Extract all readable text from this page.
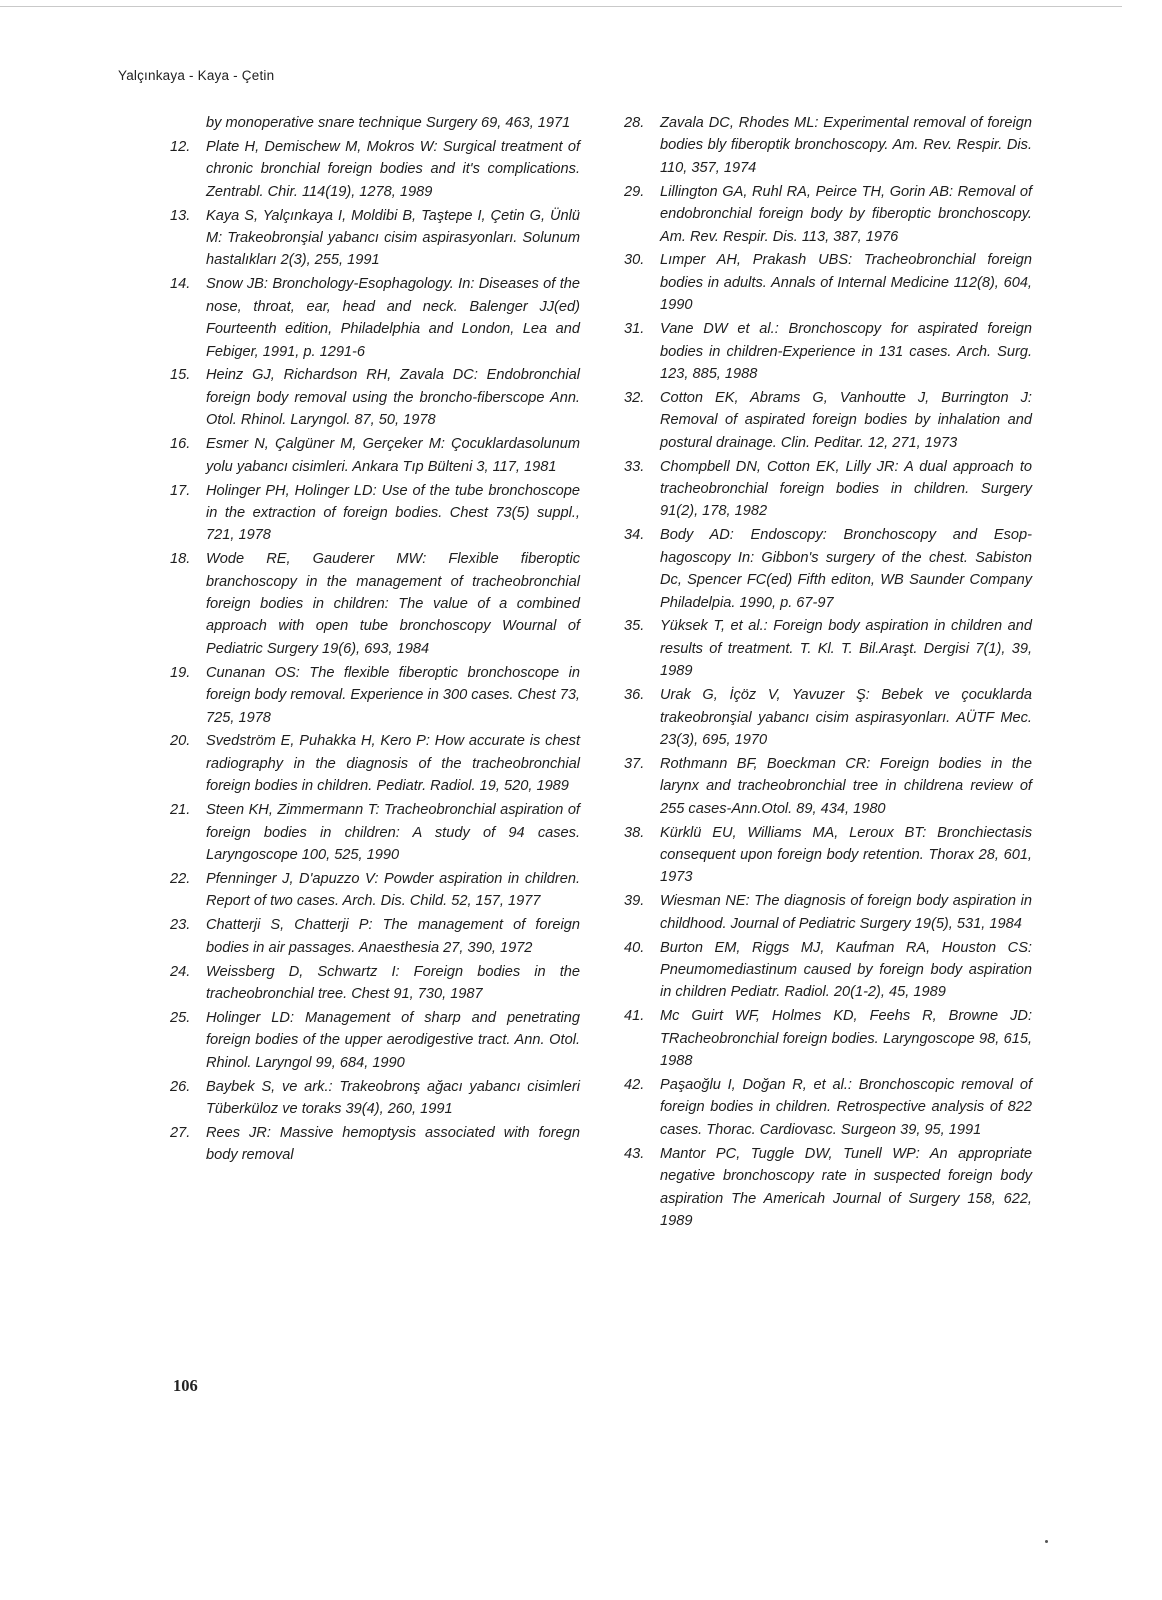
Yalçınkaya - Kaya - Çetin
by monoperative snare technique Surgery 69, 463, 1971
12.	Plate H, Demischew M, Mokros W: Surgical treatment of chronic bronchial foreign bodies and it's complications. Zentrabl. Chir. 114(19), 1278, 1989
13.	Kaya S, Yalçınkaya I, Moldibi B, Taştepe I, Çetin G, Ünlü M: Trakeobronşial yabancı cisim aspirasyonları. Solunum hastalıkları 2(3), 255, 1991
14.	Snow JB: Bronchology-Esophagology. In: Diseases of the nose, throat, ear, head and neck. Balenger JJ(ed) Fourteenth edition, Philadelphia and London, Lea and Febiger, 1991, p. 1291-6
15.	Heinz GJ, Richardson RH, Zavala DC: Endobronchial foreign body removal using the broncho-fiberscope Ann. Otol. Rhinol. Laryngol. 87, 50, 1978
16.	Esmer N, Çalgüner M, Gerçeker M: Çocuklardasolunum yolu yabancı cisimleri. Ankara Tıp Bülteni 3, 117, 1981
17.	Holinger PH, Holinger LD: Use of the tube bronchoscope in the extraction of foreign bodies. Chest 73(5) suppl., 721, 1978
18.	Wode RE, Gauderer MW: Flexible fiberoptic branchoscopy in the management of tracheobronchial foreign bodies in children: The value of a combined approach with open tube bronchoscopy Wournal of Pediatric Surgery 19(6), 693, 1984
19.	Cunanan OS: The flexible fiberoptic bronchoscope in foreign body removal. Experience in 300 cases. Chest 73, 725, 1978
20.	Svedström E, Puhakka H, Kero P: How accurate is chest radiography in the diagnosis of the tracheobronchial foreign bodies in children. Pediatr. Radiol. 19, 520, 1989
21.	Steen KH, Zimmermann T: Tracheobronchial aspiration of foreign bodies in children: A study of 94 cases. Laryngoscope 100, 525, 1990
22.	Pfenninger J, D'apuzzo V: Powder aspiration in children. Report of two cases. Arch. Dis. Child. 52, 157, 1977
23.	Chatterji S, Chatterji P: The management of foreign bodies in air passages. Anaesthesia 27, 390, 1972
24.	Weissberg D, Schwartz I: Foreign bodies in the tracheobronchial tree. Chest 91, 730, 1987
25.	Holinger LD: Management of sharp and penetrating foreign bodies of the upper aerodigestive tract. Ann. Otol. Rhinol. Laryngol 99, 684, 1990
26.	Baybek S, ve ark.: Trakeobronş ağacı yabancı cisimleri Tüberküloz ve toraks 39(4), 260, 1991
27.	Rees JR: Massive hemoptysis associated with foregn body removal
28.	Zavala DC, Rhodes ML: Experimental removal of foreign bodies bly fiberoptik bronchoscopy. Am. Rev. Respir. Dis. 110, 357, 1974
29.	Lillington GA, Ruhl RA, Peirce TH, Gorin AB: Removal of endobronchial foreign body by fiberoptic bronchoscopy. Am. Rev. Respir. Dis. 113, 387, 1976
30.	Lımper AH, Prakash UBS: Tracheobronchial foreign bodies in adults. Annals of Internal Medicine 112(8), 604, 1990
31.	Vane DW et al.: Bronchoscopy for aspirated foreign bodies in children-Experience in 131 cases. Arch. Surg. 123, 885, 1988
32.	Cotton EK, Abrams G, Vanhoutte J, Burrington J: Removal of aspirated foreign bodies by inhalation and postural drainage. Clin. Peditar. 12, 271, 1973
33.	Chompbell DN, Cotton EK, Lilly JR: A dual approach to tracheobronchial foreign bodies in children. Surgery 91(2), 178, 1982
34.	Body AD: Endoscopy: Bronchoscopy and Esophagoscopy In: Gibbon's surgery of the chest. Sabiston Dc, Spencer FC(ed) Fifth editon, WB Saunder Company Philadelpia. 1990, p. 67-97
35.	Yüksek T, et al.: Foreign body aspiration in children and results of treatment. T. Kl. T. Bil.Araşt. Dergisi 7(1), 39, 1989
36.	Urak G, İçöz V, Yavuzer Ş: Bebek ve çocuklarda trakeobronşial yabancı cisim aspirasyonları. AÜTF Mec. 23(3), 695, 1970
37.	Rothmann BF, Boeckman CR: Foreign bodies in the larynx and tracheobronchial tree in childrena review of 255 cases-Ann.Otol. 89, 434, 1980
38.	Kürklü EU, Williams MA, Leroux BT: Bronchiectasis consequent upon foreign body retention. Thorax 28, 601, 1973
39.	Wiesman NE: The diagnosis of foreign body aspiration in childhood. Journal of Pediatric Surgery 19(5), 531, 1984
40.	Burton EM, Riggs MJ, Kaufman RA, Houston CS: Pneumomediastinum caused by foreign body aspiration in children Pediatr. Radiol. 20(1-2), 45, 1989
41.	Mc Guirt WF, Holmes KD, Feehs R, Browne JD: TRacheobronchial foreign bodies. Laryngoscope 98, 615, 1988
42.	Paşaoğlu I, Doğan R, et al.: Bronchoscopic removal of foreign bodies in children. Retrospective analysis of 822 cases. Thorac. Cardiovasc. Surgeon 39, 95, 1991
43.	Mantor PC, Tuggle DW, Tunell WP: An appropriate negative bronchoscopy rate in suspected foreign body aspiration The Americah Journal of Surgery 158, 622, 1989
106
